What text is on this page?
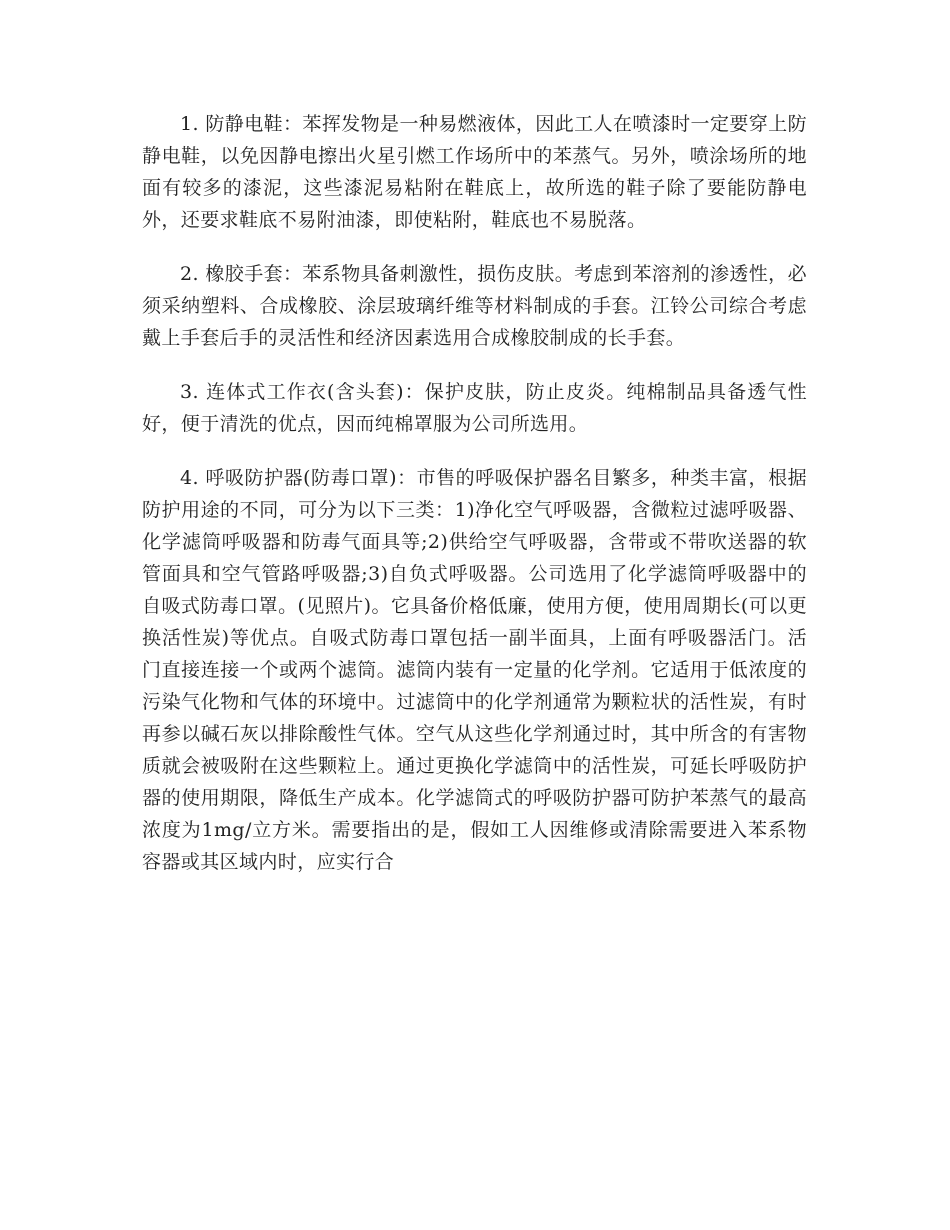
1. 防静电鞋：苯挥发物是一种易燃液体，因此工人在喷漆时一定要穿上防静电鞋，以免因静电擦出火星引燃工作场所中的苯蒸气。另外，喷涂场所的地面有较多的漆泥，这些漆泥易粘附在鞋底上，故所选的鞋子除了要能防静电外，还要求鞋底不易附油漆，即使粘附，鞋底也不易脱落。

2. 橡胶手套：苯系物具备刺激性，损伤皮肤。考虑到苯溶剂的渗透性，必须采纳塑料、合成橡胶、涂层玻璃纤维等材料制成的手套。江铃公司综合考虑戴上手套后手的灵活性和经济因素选用合成橡胶制成的长手套。

3. 连体式工作衣(含头套)：保护皮肤，防止皮炎。纯棉制品具备透气性好，便于清洗的优点，因而纯棉罩服为公司所选用。

4. 呼吸防护器(防毒口罩)：市售的呼吸保护器名目繁多，种类丰富，根据防护用途的不同，可分为以下三类：1)净化空气呼吸器，含微粒过滤呼吸器、化学滤筒呼吸器和防毒气面具等;2)供给空气呼吸器，含带或不带吹送器的软管面具和空气管路呼吸器;3)自负式呼吸器。公司选用了化学滤筒呼吸器中的自吸式防毒口罩。(见照片)。它具备价格低廉，使用方便，使用周期长(可以更换活性炭)等优点。自吸式防毒口罩包括一副半面具，上面有呼吸器活门。活门直接连接一个或两个滤筒。滤筒内装有一定量的化学剂。它适用于低浓度的污染气化物和气体的环境中。过滤筒中的化学剂通常为颗粒状的活性炭，有时再参以碱石灰以排除酸性气体。空气从这些化学剂通过时，其中所含的有害物质就会被吸附在这些颗粒上。通过更换化学滤筒中的活性炭，可延长呼吸防护器的使用期限，降低生产成本。化学滤筒式的呼吸防护器可防护苯蒸气的最高浓度为1mg/立方米。需要指出的是，假如工人因维修或清除需要进入苯系物容器或其区域内时，应实行合
